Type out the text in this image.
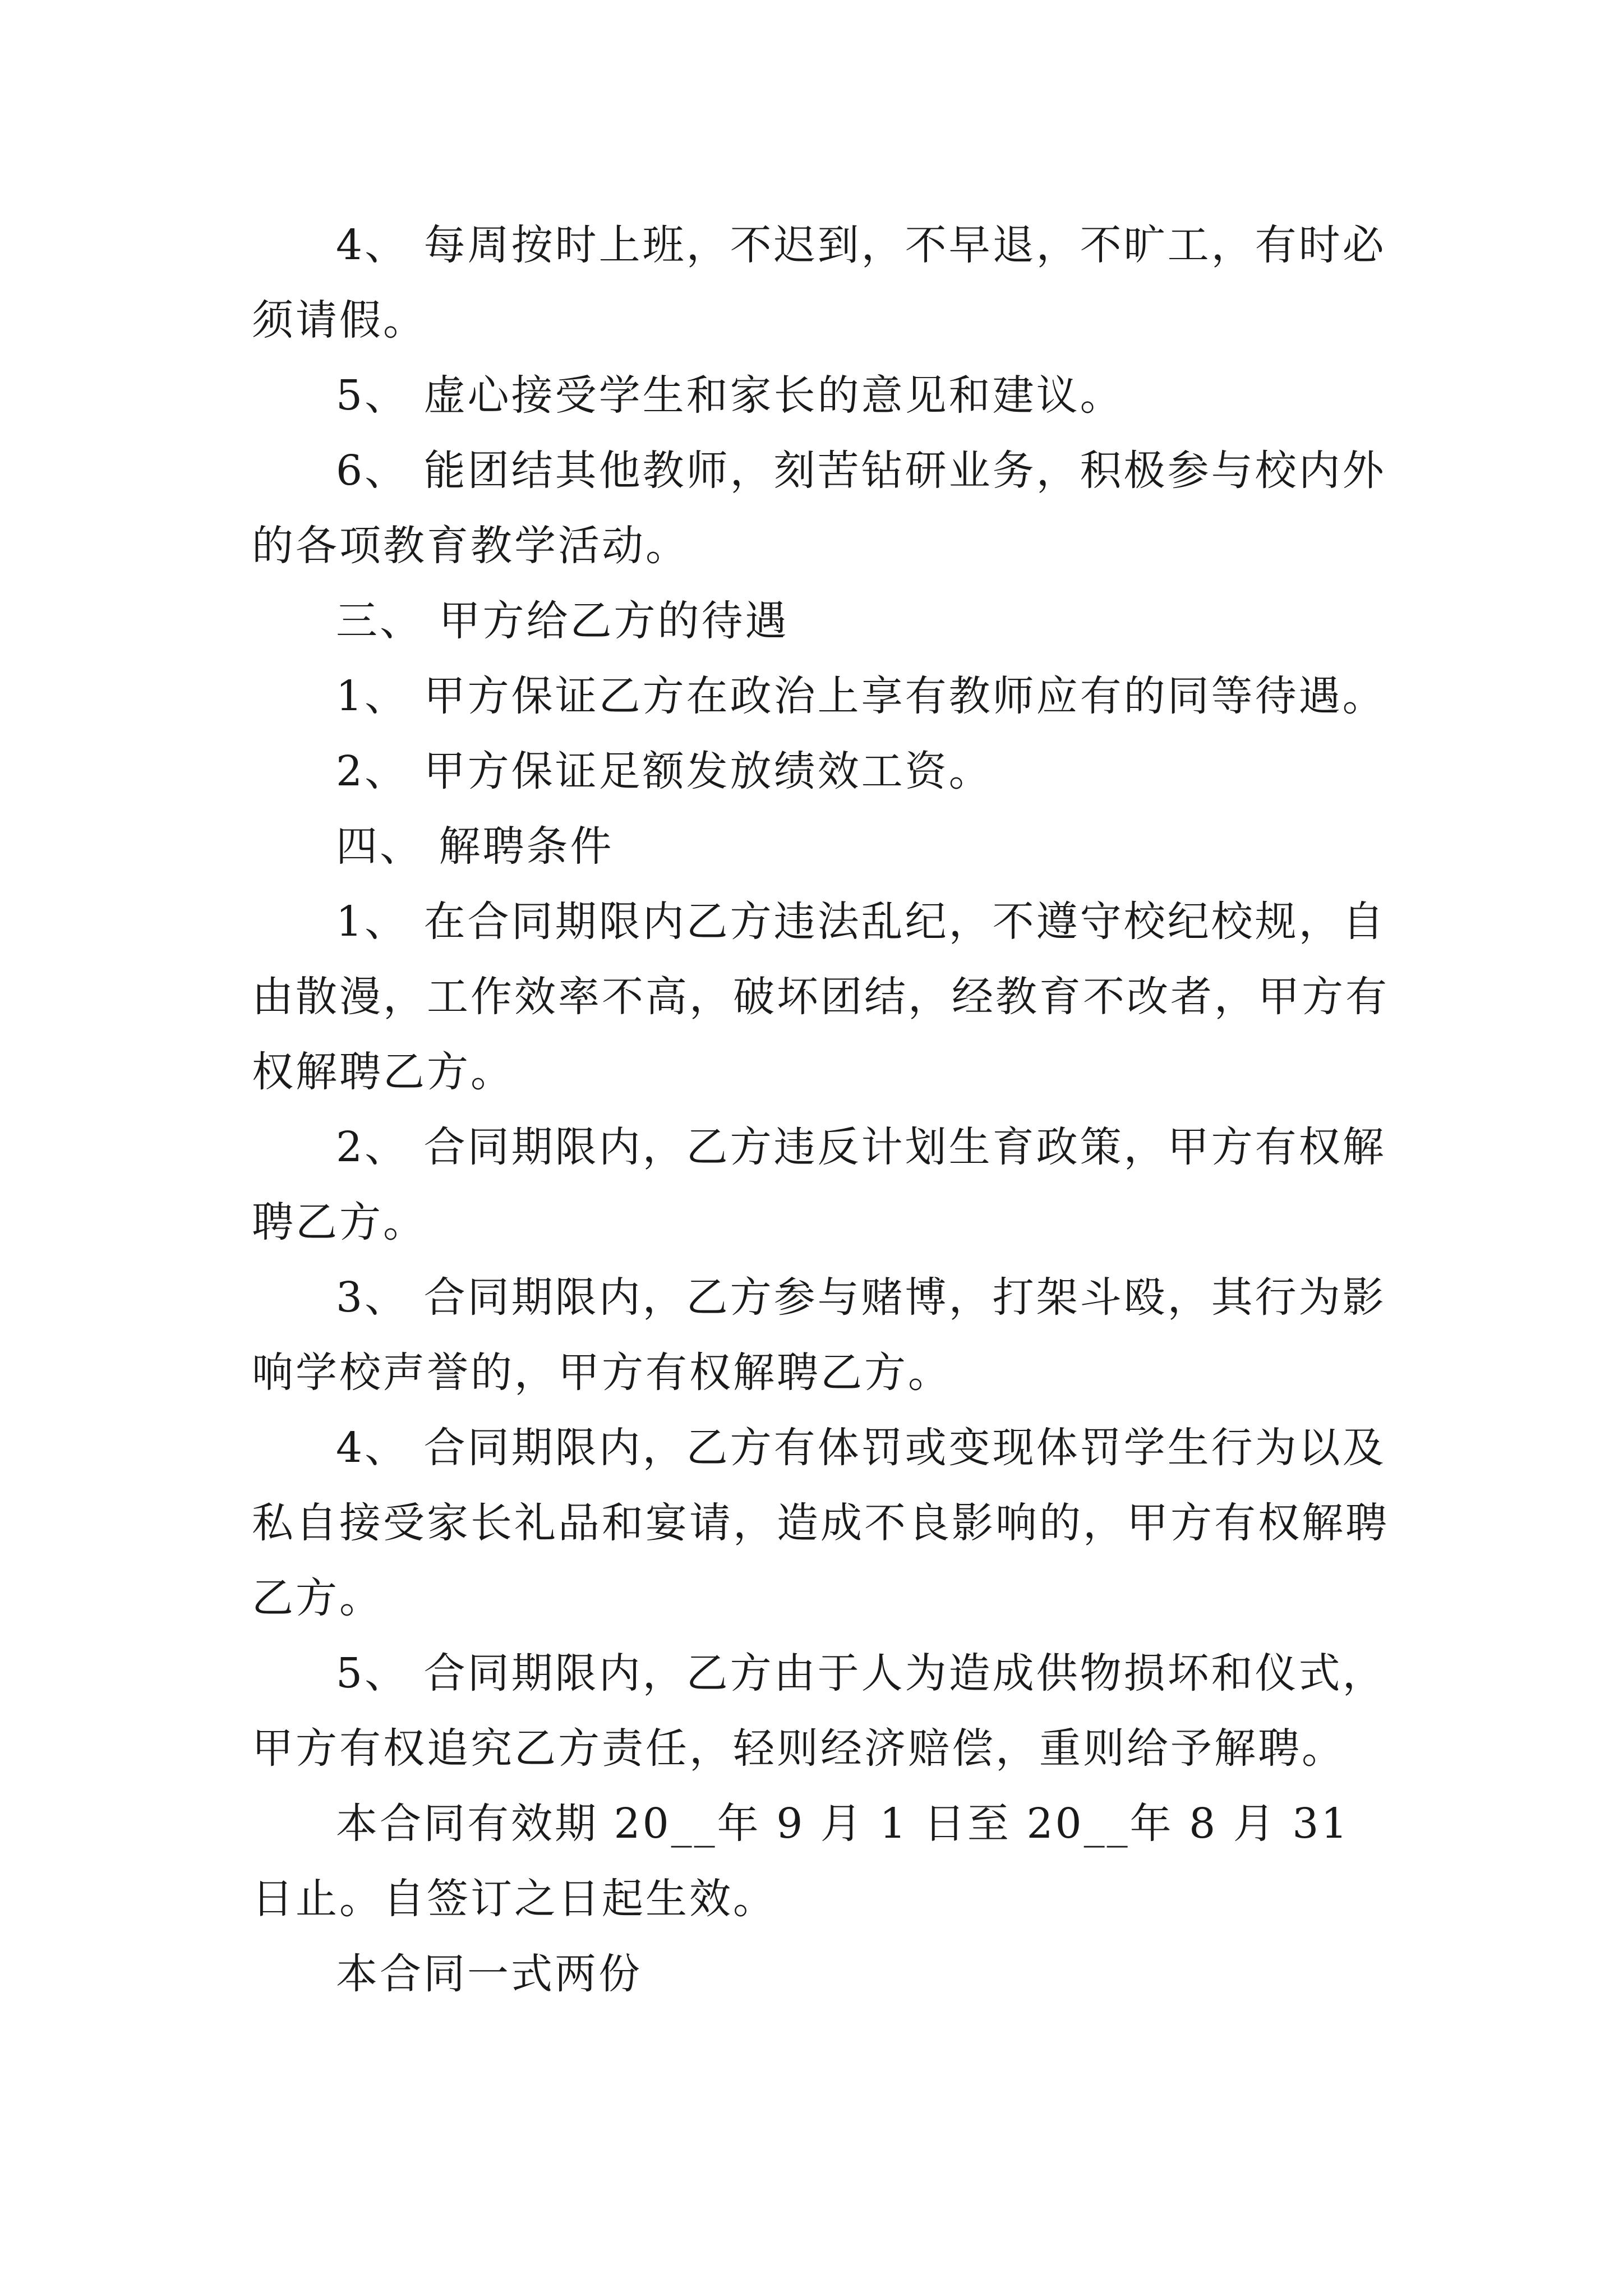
4、 每周按时上班，不迟到，不早退，不旷工，有时必须请假。

5、 虚心接受学生和家长的意见和建议。

6、 能团结其他教师，刻苦钻研业务，积极参与校内外的各项教育教学活动。

三、 甲方给乙方的待遇

1、 甲方保证乙方在政治上享有教师应有的同等待遇。

2、 甲方保证足额发放绩效工资。

四、 解聘条件

1、 在合同期限内乙方违法乱纪，不遵守校纪校规，自由散漫，工作效率不高，破坏团结，经教育不改者，甲方有权解聘乙方。

2、 合同期限内，乙方违反计划生育政策，甲方有权解聘乙方。

3、 合同期限内，乙方参与赌博，打架斗殴，其行为影响学校声誉的，甲方有权解聘乙方。

4、 合同期限内，乙方有体罚或变现体罚学生行为以及私自接受家长礼品和宴请，造成不良影响的，甲方有权解聘乙方。

5、 合同期限内，乙方由于人为造成供物损坏和仪式，甲方有权追究乙方责任，轻则经济赔偿，重则给予解聘。

本合同有效期 20__年 9 月 1 日至 20__年 8 月 31 日止。自签订之日起生效。

本合同一式两份
